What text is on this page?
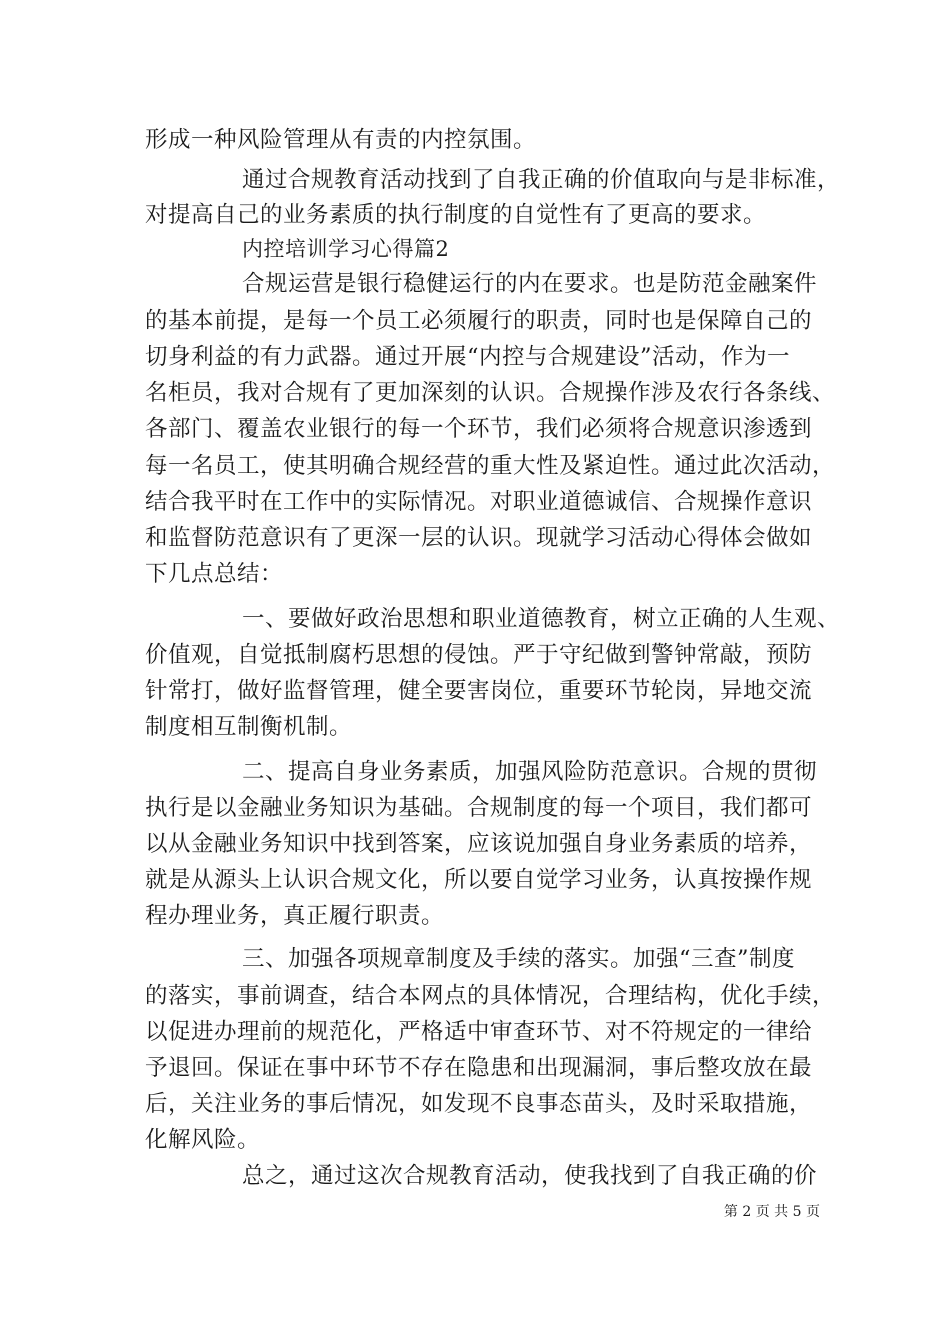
形成一种风险管理从有责的内控氛围。
通过合规教育活动找到了自我正确的价值取向与是非标准，
对提高自己的业务素质的执行制度的自觉性有了更高的要求。
内控培训学习心得篇2
合规运营是银行稳健运行的内在要求。也是防范金融案件
的基本前提，是每一个员工必须履行的职责，同时也是保障自己的
切身利益的有力武器。通过开展“内控与合规建设”活动，作为一
名柜员，我对合规有了更加深刻的认识。合规操作涉及农行各条线、
各部门、覆盖农业银行的每一个环节，我们必须将合规意识渗透到
每一名员工，使其明确合规经营的重大性及紧迫性。通过此次活动，
结合我平时在工作中的实际情况。对职业道德诚信、合规操作意识
和监督防范意识有了更深一层的认识。现就学习活动心得体会做如
下几点总结：
一、要做好政治思想和职业道德教育，树立正确的人生观、
价值观，自觉抵制腐朽思想的侵蚀。严于守纪做到警钟常敲，预防
针常打，做好监督管理，健全要害岗位，重要环节轮岗，异地交流
制度相互制衡机制。
二、提高自身业务素质，加强风险防范意识。合规的贯彻
执行是以金融业务知识为基础。合规制度的每一个项目，我们都可
以从金融业务知识中找到答案，应该说加强自身业务素质的培养，
就是从源头上认识合规文化，所以要自觉学习业务，认真按操作规
程办理业务，真正履行职责。
三、加强各项规章制度及手续的落实。加强“三查”制度
的落实，事前调查，结合本网点的具体情况，合理结构，优化手续，
以促进办理前的规范化，严格适中审查环节、对不符规定的一律给
予退回。保证在事中环节不存在隐患和出现漏洞，事后整攻放在最
后，关注业务的事后情况，如发现不良事态苗头，及时采取措施，
化解风险。
总之，通过这次合规教育活动，使我找到了自我正确的价
第 2 页 共 5 页
